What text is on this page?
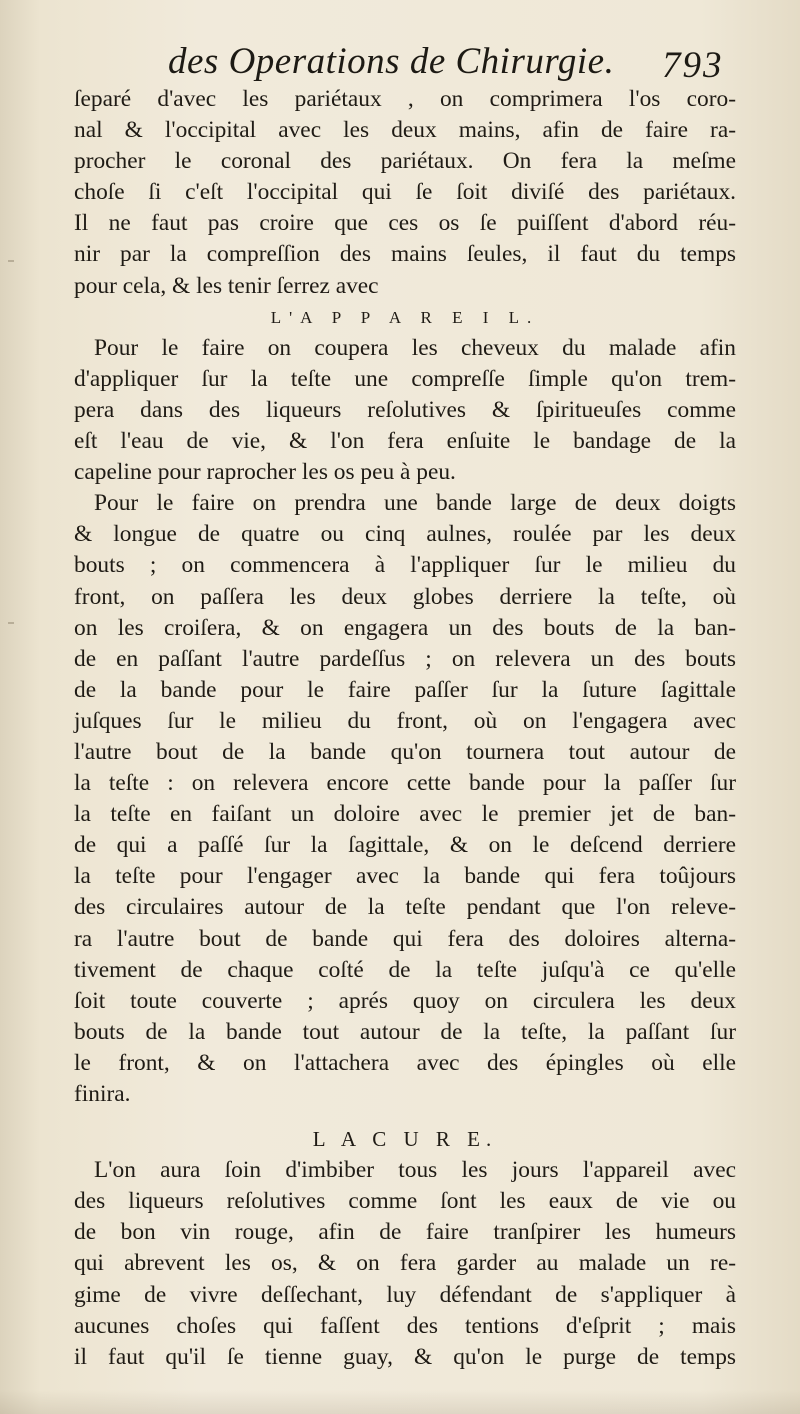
des Operations de Chirurgie. 793
ſeparé d'avec les pariétaux , on comprimera l'os coro-
nal & l'occipital avec les deux mains, afin de faire ra-
procher le coronal des pariétaux. On fera la meſme
choſe ſi c'eſt l'occipital qui ſe ſoit diviſé des pariétaux.
Il ne faut pas croire que ces os ſe puiſſent d'abord réu-
nir par la compreſſion des mains ſeules, il faut du temps
pour cela, & les tenir ſerrez avec
L'A P P A R E I L.
Pour le faire on coupera les cheveux du malade afin
d'appliquer ſur la teſte une compreſſe ſimple qu'on trem-
pera dans des liqueurs reſolutives & ſpiritueuſes comme
eſt l'eau de vie, & l'on fera enſuite le bandage de la
capeline pour raprocher les os peu à peu.
Pour le faire on prendra une bande large de deux doigts
& longue de quatre ou cinq aulnes, roulée par les deux
bouts ; on commencera à l'appliquer ſur le milieu du
front, on paſſera les deux globes derriere la teſte, où
on les croiſera, & on engagera un des bouts de la ban-
de en paſſant l'autre pardeſſus ; on relevera un des bouts
de la bande pour le faire paſſer ſur la ſuture ſagittale
juſques ſur le milieu du front, où on l'engagera avec
l'autre bout de la bande qu'on tournera tout autour de
la teſte : on relevera encore cette bande pour la paſſer ſur
la teſte en faiſant un doloire avec le premier jet de ban-
de qui a paſſé ſur la ſagittale, & on le deſcend derriere
la teſte pour l'engager avec la bande qui fera toûjours
des circulaires autour de la teſte pendant que l'on releve-
ra l'autre bout de bande qui fera des doloires alterna-
tivement de chaque coſté de la teſte juſqu'à ce qu'elle
ſoit toute couverte ; aprés quoy on circulera les deux
bouts de la bande tout autour de la teſte, la paſſant ſur
le front, & on l'attachera avec des épingles où elle
finira.
L A C U R E.
L'on aura ſoin d'imbiber tous les jours l'appareil avec
des liqueurs reſolutives comme ſont les eaux de vie ou
de bon vin rouge, afin de faire tranſpirer les humeurs
qui abrevent les os, & on fera garder au malade un re-
gime de vivre deſſechant, luy défendant de s'appliquer à
aucunes choſes qui faſſent des tentions d'eſprit ; mais
il faut qu'il ſe tienne guay, & qu'on le purge de temps
